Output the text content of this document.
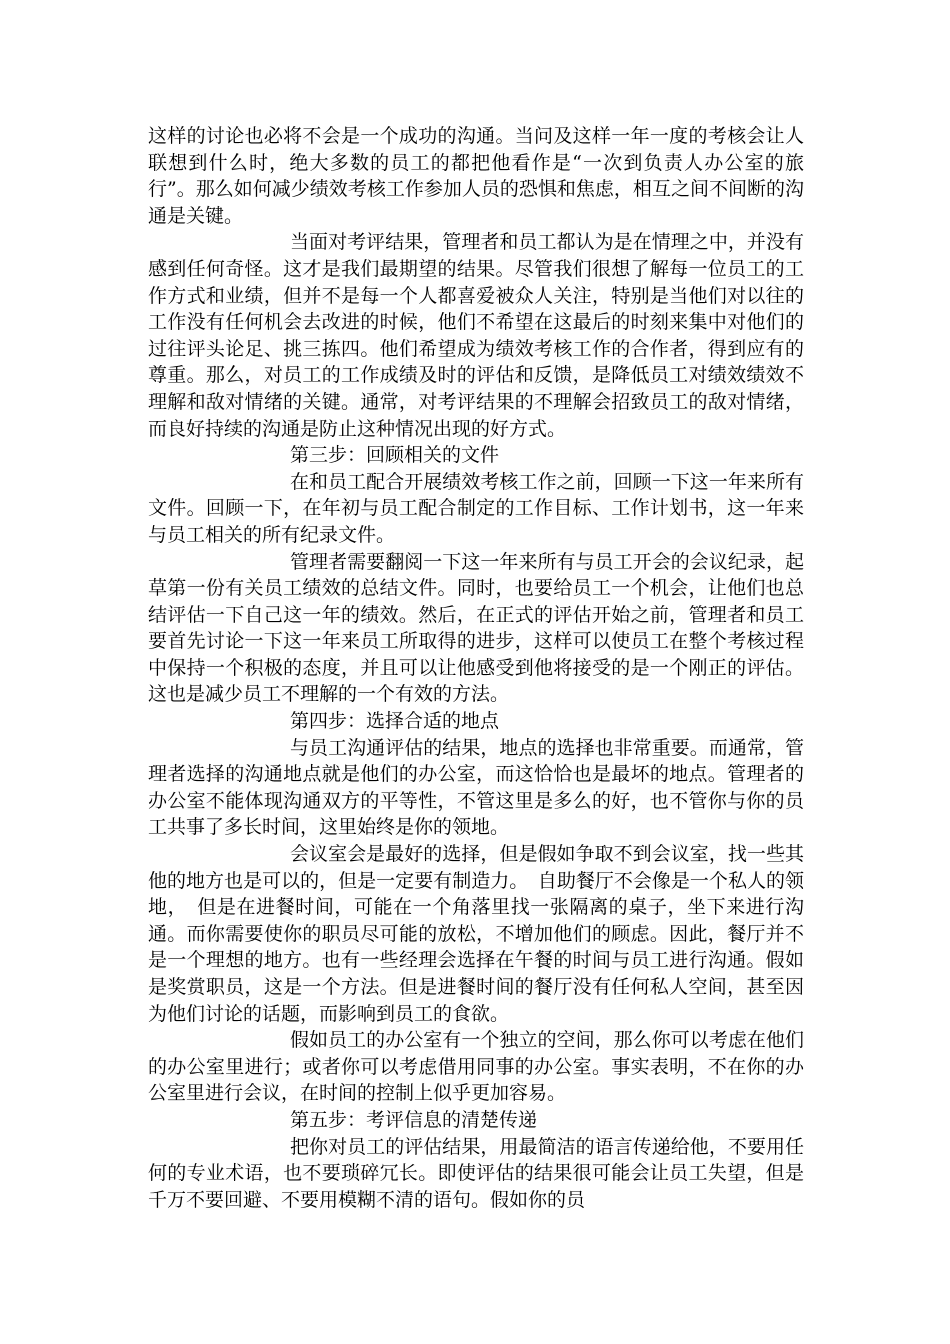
这样的讨论也必将不会是一个成功的沟通。当问及这样一年一度的考核会让人联想到什么时，绝大多数的员工的都把他看作是“一次到负责人办公室的旅行”。那么如何减少绩效考核工作参加人员的恐惧和焦虑，相互之间不间断的沟通是关键。

当面对考评结果，管理者和员工都认为是在情理之中，并没有感到任何奇怪。这才是我们最期望的结果。尽管我们很想了解每一位员工的工作方式和业绩，但并不是每一个人都喜爱被众人关注，特别是当他们对以往的工作没有任何机会去改进的时候，他们不希望在这最后的时刻来集中对他们的过往评头论足、挑三拣四。他们希望成为绩效考核工作的合作者，得到应有的尊重。那么，对员工的工作成绩及时的评估和反馈，是降低员工对绩效绩效不理解和敌对情绪的关键。通常，对考评结果的不理解会招致员工的敌对情绪，而良好持续的沟通是防止这种情况出现的好方式。

第三步：回顾相关的文件

在和员工配合开展绩效考核工作之前，回顾一下这一年来所有文件。回顾一下，在年初与员工配合制定的工作目标、工作计划书，这一年来与员工相关的所有纪录文件。

管理者需要翻阅一下这一年来所有与员工开会的会议纪录，起草第一份有关员工绩效的总结文件。同时，也要给员工一个机会，让他们也总结评估一下自己这一年的绩效。然后，在正式的评估开始之前，管理者和员工要首先讨论一下这一年来员工所取得的进步，这样可以使员工在整个考核过程中保持一个积极的态度，并且可以让他感受到他将接受的是一个刚正的评估。这也是减少员工不理解的一个有效的方法。

第四步：选择合适的地点

与员工沟通评估的结果，地点的选择也非常重要。而通常，管理者选择的沟通地点就是他们的办公室，而这恰恰也是最坏的地点。管理者的办公室不能体现沟通双方的平等性，不管这里是多么的好，也不管你与你的员工共事了多长时间，这里始终是你的领地。

会议室会是最好的选择，但是假如争取不到会议室，找一些其他的地方也是可以的，但是一定要有制造力。　自助餐厅不会像是一个私人的领地，　但是在进餐时间，可能在一个角落里找一张隔离的桌子，坐下来进行沟通。而你需要使你的职员尽可能的放松，不增加他们的顾虑。因此，餐厅并不是一个理想的地方。也有一些经理会选择在午餐的时间与员工进行沟通。假如是奖赏职员，这是一个方法。但是进餐时间的餐厅没有任何私人空间，甚至因为他们讨论的话题，而影响到员工的食欲。

假如员工的办公室有一个独立的空间，那么你可以考虑在他们的办公室里进行；或者你可以考虑借用同事的办公室。事实表明，不在你的办公室里进行会议，在时间的控制上似乎更加容易。

第五步：考评信息的清楚传递

把你对员工的评估结果，用最简洁的语言传递给他，不要用任何的专业术语，也不要琐碎冗长。即使评估的结果很可能会让员工失望，但是千万不要回避、不要用模糊不清的语句。假如你的员
